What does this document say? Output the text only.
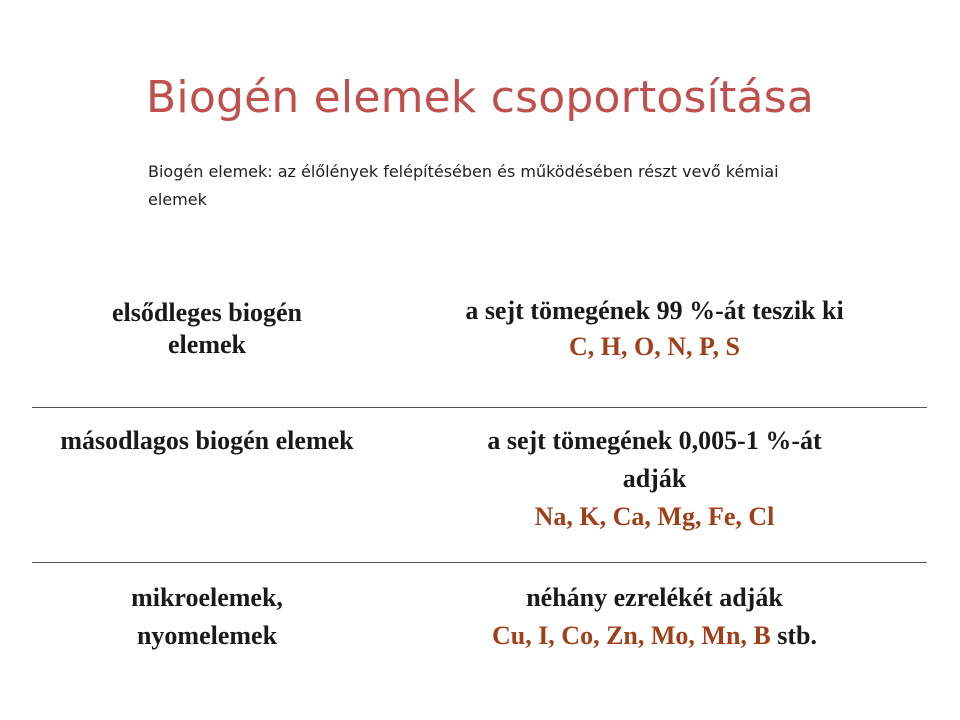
Biogén elemek csoportosítása
Biogén elemek: az élőlények felépítésében és működésében részt vevő kémiai elemek
elsődleges biogén elemek
a sejt tömegének 99 %-át teszik ki
C, H, O, N, P, S
másodlagos biogén elemek	a sejt tömegének 0,005-1 %-át adják
Na, K, Ca, Mg, Fe, Cl
mikroelemek, nyomelemek
néhány ezrelékét adják
Cu, I, Co, Zn, Mo, Mn, B stb.
